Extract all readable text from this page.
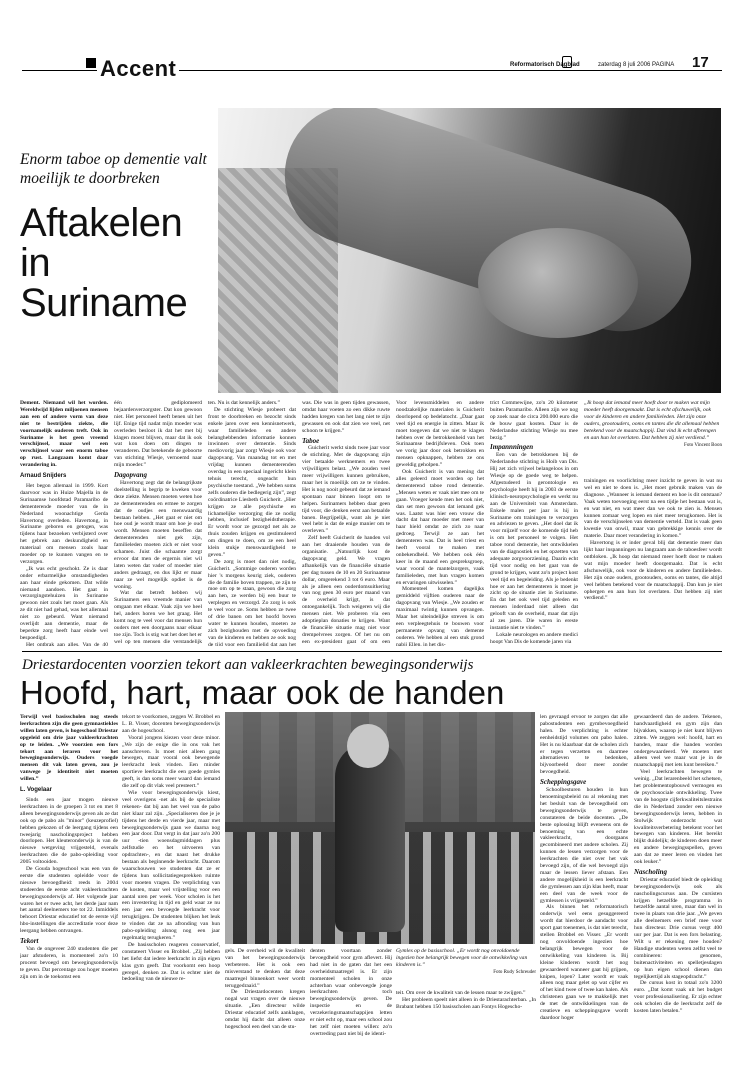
Accent	Reformatorisch Dagblad	zaterdag 8 juli 2006 PAGINA 17
Enorm taboe op dementie valt moeilijk te doorbreken
Aftakelen in Suriname

Dement. Niemand wil het worden. Wereldwijd lijden miljoenen mensen aan een of andere vorm van deze niet te bestrijden ziekte, die voornamelijk ouderen treft. Ook in Suriname is het geen vreemd verschijnsel, maar wel een verschijnsel waar een enorm taboe op rust. Langzaam komt daar verandering in.

Arnaud Snijders

Het begon allemaal in 1999. Kort daarvoor was in Huize Majella in de Surinaamse hoofdstad Paramaribo de dementerende moeder van de in Nederland woonachtige Gerda Havertong overleden. Havertong, in Suriname geboren en getogen, was tijdens haar bezoeken verbijsterd over het gebrek aan deskundigheid en materiaal om mensen zoals haar moeder op te kunnen vangen en te verzorgen.

„Ik was echt geschokt. Ze is daar onder erbarmelijke omstandigheden aan haar einde gekomen. Dat wilde niemand aandoen. Het gaat in verzorgingstehuizen in Suriname gewoon niet zoals het moet gaan. Als ze dit niet had gehad, was het allemaal niet zo gebeurd. Want niemand overlijdt aan dementie, maar de beperkte zorg heeft haar einde wel bespoedigd.

Het ontbrak aan alles. Van de 40

één gediplomeerd bejaardenverzorgster. Dat kon gewoon niet. Het personeel heeft benen uit het lijf. Enige tijd nadat mijn moeder was overleden besloot ik dat het met bij klagen moest blijven, maar dat ik ook wat kon doen om dingen te veranderen. Dat betekende de geboorte van stichting Wiesje, vernoemd naar mijn moeder.”

Dagopvang

Havertong zegt dat de belangrijkste doelstelling is begrip te kweken voor deze ziekte. Mensen moeten weten hoe ze dementerenden en ermee te zorgen dat de oudjes een menswaardig bestaan hebben. „Het gaat er niet om hoe oud je wordt maar om hoe je oud wordt. Mensen moeten beseffen dat dementerenden niet gek zijn, familieleden moeten zich er niet voor schamen. Juist die schaamte zorgt ervoor dat men de ergernis niet wil laten weten dat vader of moeder niet anders gedraagt, en dus lijkt er maar naar ze wel mogelijk opdiet is de woning.

Wat dat betreft hebben wij Surinamers een vreemde manier van omgaan met elkaar. Vaak zijn we heel hel, anders horen we het graag. Het komt nog te veel voor dat mensen hun ouders met een doorgaans naar elkaar toe zijn. Toch is stig wat het doet het er wel op ten mensen die verstandelijk

ten. Nu is dat kennelijk anders.”

De stichting Wiesje probeert dat front te doorbreken en bezocht sinds enkele jaren over een kennisnetwerk, waar familieleden en andere belanghebbenden informatie konnen inwinnen over dementie. Sinds mediovorig jaar zorgt Wiesje ook voor dagopvang. Van maandag tot en met vrijdag kunnen dementerenden overdag in een speciaal ingericht klein tehuis terecht, ongeacht hun psychische toestand. „We hebben soms zelfs ouderen die bedlegerig zijn”, zegt coördinatrice Liesbeth Guicherit. „Hier krijgen ze alle psychische en lichamelijke verzorging die ze nodig hebben, inclusief bezigheidstherapie. Er wordt voor ze gezorgd net als ze thuis zouden krijgen en gestimuleerd om dingen te doen, om ze een heel klein stukje menswaardigheid te geven.”

De zorg is moet dan niet nodig, Guicherit. „Sommige ouderen worden hier 's morgens keurig ziek, ouderen die de familie boven trappen, ze zijn te moe om op te staan, gewoon die zorg aan hen, ze werden bij een buur te verplegen en verzorgd. Zo zorg is ook te veel voor ze. Soms hebben ze twee of drie banen om het hoofd boven water te kunnen houden, moeten ze zich bezighouden met de opvoeding van de kinderen en hebben ze ook nog de tijd voor een familielid dat aan het

was. Die was in geen tijden gewassen, omdat haar voeten zo een dikke ruwte hadden kregen van het lang niet te zijn gewassen en ook dat zien we veel, net schoon te krijgen.”

Taboe

Guicherit werkt sinds twee jaar voor de stichting. Met de dagopvang zijn vier betaalde werknemers en twee vrijwilligers belast. „We zouden veel meer vrijwilligers kunnen gebruiken, maar het is moeilijk om ze te vinden. Het is nog nooit gebeurd dat ze iemand spontaan naar binnen loopt om te helpen. Surinamers hebben daar geen tijd voor, die denken eerst aan betaalde banen. Begrijpelijk, want als je niet veel hebt is dat de enige manier om te overleven.”

Zelf heeft Guicherit de handen vol aan het draaiende houden van de organisatie. „Natuurlijk kost de dagopvang geld. We vragen afhankelijk van de financiële situatie per dag tussen de 10 en 20 Surinaamse dollar, omgerekend 3 tot 6 euro. Maar als je alleen een ouderdomsuitkering van nog geen 30 euro per maand van de overheid krijgt, is dat ontoegankelijk. Toch weigeren wij die mensen niet. We proberen via een adoptieplan donaties te krijgen. Want de financiële situatie mag niet voor drempelvrees zorgen. Of het nu om een ex-president gaat of om een

Voor levensmiddelen en andere noodzakelijke materialen is Guicherit doorlopend op bedelatocht. „Daar gaat veel tijd en energie in zitten. Maar ik moet toegeven dat we niet te klagen hebben over de betrokkenheid van het Surinaamse bedrijfsleven. Ook toen we vorig jaar door ook betrokken en mensen opknappen, hebben ze ons geweldig geholpen.”

Ook Guicherit is van mening dat alles geleerd moet worden op het dementerend taboe rond dementie. „Mensen weten er vaak niet mee om te gaan. Vroeger kende men het ook niet, dan set men gewoon dat iemand gek was. Laatst was hier een vrouw die dacht dat haar moeder met meer van haar hield omdat ze zich zo naar gedroeg. Terwijl ze aan het dementeren was. Dat is heel triest en heeft vooral te maken met onbekendheid. We hebben ook één keer in de maand een gespreksgroep, waar vooral de mantelzorgers, vaak familieleden, met hun vragen komen en ervaringen uitwisselen.”

Momenteel komen dagelijks gemiddeld vijftien ouderen naar de dagopvang van Wiesje. „We zouden er maximaal twintig kunnen opvangen. Maar het uiteindelijke streven is om een verpleegtehuis te bouwen voor permanente opvang van demente ouderen. We hebben al een stuk grond nabij Ellen, in het dis-

trict Commewijne, zo'n 20 kilometer buiten Paramaribo. Alleen zijn we nog op zoek naar de circa 200.000 euro die de bouw gaat kosten. Daar is de Nederlandse stichting Wiesje nu mee bezig.”

Impannningen

Een van de betrokkenen bij de Nederlandse stichting is Hoib van Dis. Hij zet zich vrijwel belangeloos in om Wiesje op de goede weg te helpen. Afgestudeerd in gerontologie en psychologie heeft hij in 2003 de eerste klinisch-neuropsychologie en werkt nu aan de Universiteit van Amsterdam. Enkele malen per jaar is hij in Suriname om trainingen te verzorgen en adviezen te geven. „Het doel dat ik voor mijzelf voor de komende tijd heb is om het personeel te volgen. Het taboe rond dementie, het ontwikkelen van de diagnostiek en het opzetten van adequate zorgvoorziening. Daarin echt tijd voor nodig en het gaat van de grond te krijgen, want zo'n project kost veel tijd en begeleiding. Als je bedenkt hoe er aan het dementeren is moet je zicht op de situatie ziet in Suriname. En dat het ook veel tijd geleden en mensen inderdaad niet alleen dat gelooft van de overheid, maar dat zijn al zes jaren. Die waren in ereste instantie niet te vinden.”

Lokale neurologen en andere medici hoopt Van Dis de komende jaren via

„Ik hoop dat iemand meer hoeft door te maken wat mijn moeder heeft doorgemaakt. Dat is echt afschuwelijk, ook voor de kinderen en andere familieleden. Het zijn onze ouders, grootouders, ooms en tantes die dit allemaal hebben betekend voor de maatschappij. Dat vind ik echt afbrengen en aan hun lot overlaten. Dat hebben zij niet verdiend.”
Foto Vincent Boon

trainingen en voorlichting meer inzicht te geven in wat nu wel en niet te doen is. „Het moet gebruik maken van de diagnose. „Wanneer is iemand dement en hoe is dit ontstaan? Vaak weten toevoeging eerst na een tijdje het bestaan wat is, en wat niet, en wat meer dan we ook te zien is. Mensen kunnen zomaar weg lopen en niet meer terugkomen. Het is van de verschijnselen van dementie verteld. Dat is vaak geen kwestie van onwil, maar van gebrekkige kennis over de materie. Daar moet verandering in komen.”

Havertong is er inder geval blij dat dementie meer dan lijkt haar inspanningen nu langzaam aan de taboesfeer wordt ontbloken. „Ik hoop dat niemand meer hoeft door te maken wat mijn moeder heeft doorgemaakt. Dat is echt afschuwelijk, ook voor de kinderen en andere familieleden. Het zijn onze ouders, grootouders, ooms en tantes, die altijd veel hebben betekend voor de maatschappij. Dan kun je niet ophergen en aan hun lot overlaten. Dat hebben zij niet verdiend.”

Driestardocenten voorzien tekort aan vakleerkrachten bewegingsonderwijs
Hoofd, hart, maar ook de handen

Terwijl veel basisscholen nog steeds leerkrachten zijn die geen gymnastiekles willen laten geven, is hogeschool Driestar opgeleid om drie jaar vakleerkrachten op te leiden. „We voorzien een fors tekort aan leraren voor het bewegingsonderwijs. Ouders voegde mensen dit vak laten geven, zou je vanwege je identiteit niet moeten willen.”

L. Vogelaar

Sinds een jaar mogen nieuwe leerkrachten in de groepen 3 tot en met 8 alleen bewegingsonderwijs geven als ze dat ook op de pabo als "minor" (keuzeprofiel) hebben gekozen of de leergang tijdens een tweejarig nascholingsproject hebben doorlopen. Het kleuteronderwijs is van de nieuwe wetgeving vrijgesteld, evenals leerkrachten die de pabo-opleiding voor 2005 voltooiden.

De Gouda hogeschool was een van de eerste die studenten opleidde voor de nieuwe bevoegdheid: reeds in 2004 studeerden de eerste acht vakleerkrachten bewegingsonderwijs af. Het volgende jaar waren het er twee acht, het derde jaar nam het aantal deelnemers toe tot 22. Inmiddels behoort Driestar educatief tot de eerste vijf hbo-instellingen die accreditatie voor deze leergang hebben ontvangen.

Tekort

Van de ongeveer 240 studenten die per jaar afstuderen, is momenteel zo'n 10 procent bevoegd om bewegingsonderwijs te geven. Dat percentage zou hoger moeten zijn om in de toekomst een

tekort te voorkomen, zeggen W. Brobbel en L. B. Visser, docenten bewegingsonderwijs aan de hogeschool.

Vooral jongens kiezen voor deze minor. „We zijn de enige die in ons vak het aanschreven. Is moet niet alleen gang bewegen, maar vooral ook bewegende leerkracht leuk vinden. Een minder sportieve leerkracht die een goede gymles geeft, is dan soms meer waard dan iemand die zelf op dit vlak veel presteert.”

Wie voor bewegingsonderwijs kiest, veel overigens -net als bij de specialiste rekenen- dat bij aan het veel van de pabo niet klaar zal zijn. „Specialiseren doe je je tijdens het derde en vierde jaar, maar met bewegingsonderwijs gaan we daarna nog een jaar door. Dat vergt in dat jaar zo'n 200 uur -tien woensdagmiddagen plus zelfstudie en het uitvoeren van opdrachten-, en dat naast het drukke bestaan als beginnende leerkracht. Daarom waarschouwen we studenten dat ze er tijdens hun sollicitatiegesprekken ruimte voor moeten vragen. De verplichting van de kosten, maar wel vrijstelling voor een aantal uren per week. Voor scholen is het een investering in tijd en geld waar ze nu een jaar een bevoegde leerkracht voor terugkrijgen. De studenten blijken het leuk te vinden dat ze na afronding van hun pabo-opleiding alsnog nog een jaar regelmatig terugkeren.”

De basisscholen reageren conservatief, constateert Visser en Brobbel. „Zij hebben het liefst dat iedere leerkracht in zijn eigen klas gym geeft. Dat voorkomt een hoop geregel, denken ze. Dat is echter niet de bedoeling van de nieuwe re-

gels. De overheid wil de kwaliteit van het bewegingsonderwijs verbeteren. Het is ook een misverstand te denken dat deze maatregel binnenkort weer wordt teruggedraaid.”

De Driestardocenten kregen nogal wat vragen over de nieuwe situatie. „Een directeur wilde Driestar educatief zelfs aanklagen, omdat hij dacht dat alleen onze hogeschool een deel van de stu-

denten voortaan zonder bevoegdheid voor gym aflevert. Hij had niet in de gaten dat het een overheidsmaatregel is. Er zijn momenteel scholen in onze achterban waar onbevoegde jonge leerkrachten toch bewegingsonderwijs geven. De inspectie en de verzekeringsmaatschappijen letten er niet echt op, maar een school zou het zelf niet moeten willen: zo'n overtreding past niet bij de identi-

Gymles op de basisschool. „Er wordt nog onvoldoende ingezien hoe belangrijk bewegen voor de ontwikkeling van kinderen is.”
Foto Rudy Schreuder

teit. Om over de kwaliteit van de lessen maar te zwijgen.”

Het probleem speelt niet alleen in de Driestarachterban. „In Brabant hebben 150 basisscholen aan Fontys Hogescho-

len gevraagd ervoor te zorgen dat alle pabostudenten een gymbevoegdheid halen. De verplichting is echter eenheidstijd volumes om pabo halen. Het is nu klaarbaar dat de scholen zich er tegen verzetten en daarmee alternatieven te bedenken, bijvoorbeeld door meer zonder bevoegdheid.

Scheppingsgave

Schoolbesturen houden in hun benoemingsbeleid nu al rekening met het besluit van de bevoegdheid om bewegingsonderwijs te geven, constateren de beide docenten. „De beste oplossing blijft eveneens om de benoeming van een echte vakleerkracht, doorgaans gecombineerd met andere scholen. Zij kunnen de lessen verzorgen voor de leerkrachten die niet over het vak bevoegd zijn, of die wel bevoegd zijn maar de lessen liever afstaan. Een andere mogelijkheid is een leerkracht die gymlessen aan zijn klas heeft, maar een deel van de week voor de gymlessen is vrijgesteld.”

Als binnen het reformatorisch onderwijs wel eens gesuggereerd wordt dat hierdoor de aandacht voor sport gaat toenemen, is dat niet terecht, stellen Brobbel en Visser. „Er wordt nog onvoldoende ingezien hoe belangrijk bewegen voor de ontwikkeling van kinderen is. Bij kleine kinderen wordt het nog gewaardeerd wanneer gaat hij grijpen, knipen, lopen? Later wordt er vaak alleen nog maar gelet op wat cijfer en of het kind twee of twee kan halen. Als christenen gaan we te makkelijk met de met de ontwikkelingen van de creatieve en scheppingsgave wordt daardoor hoger

gewaardeerd dan de andere. Tekenen, handvaardigheid en gym zijn dan bijvakken, waarop je niet kunt blijven zitten. We zeggen wel: hoofd, hart en handen, maar die handen worden ondergewaardeerd. We moeten met alleen veel we maar wat je in de maatschappij met iets kunt bereiken.”

Veel leerkrachten bewegen te weinig. „Dat lerarenbeeld het schetsen, het problementopbouwd vermogen en de psychosociale ontwikkeling. Twee van de hoogste cijferkwaliteitslestrains die in Nederland zonder een nieuwe bewegingsonderwijs leren, hebben in Stolwijk onderzocht wat kwaliteitsverbetering betekent voor het bewegen van kinderen. Het bereikt blijkt duidelijk; de kinderen doen meer en andere bewegingsspellen, geven aan dat ze meer leren en vinden het ook leuker.”

Nascholing

Driestar educatief biedt de opleiding bewegingsonderwijs ook als nascholingscursus aan. De cursisten krijgen hetzelfde programma in hetzelfde aantal uren, maar dan wel in twee in plaats van drie jaar. „We geven alle deelnemers een brief mee voor hun directeur. Drie cursus vergt 400 uur per jaar. Dat is een fors belasting. Wilt u er rekening mee houden? Handige studenten weten zelfst veel te combineren: genomen, buitenactiviteiten en spelletjesdagen op hun eigen school dienen dan tegelijkertijd als stageopdracht.”

De cursus kost in totaal zo'n 3200 euro. „Dat komt vaak uit het budget voor professionalisering. Er zijn echter ook scholen die de leerkracht zelf de kosten laten betalen.”
